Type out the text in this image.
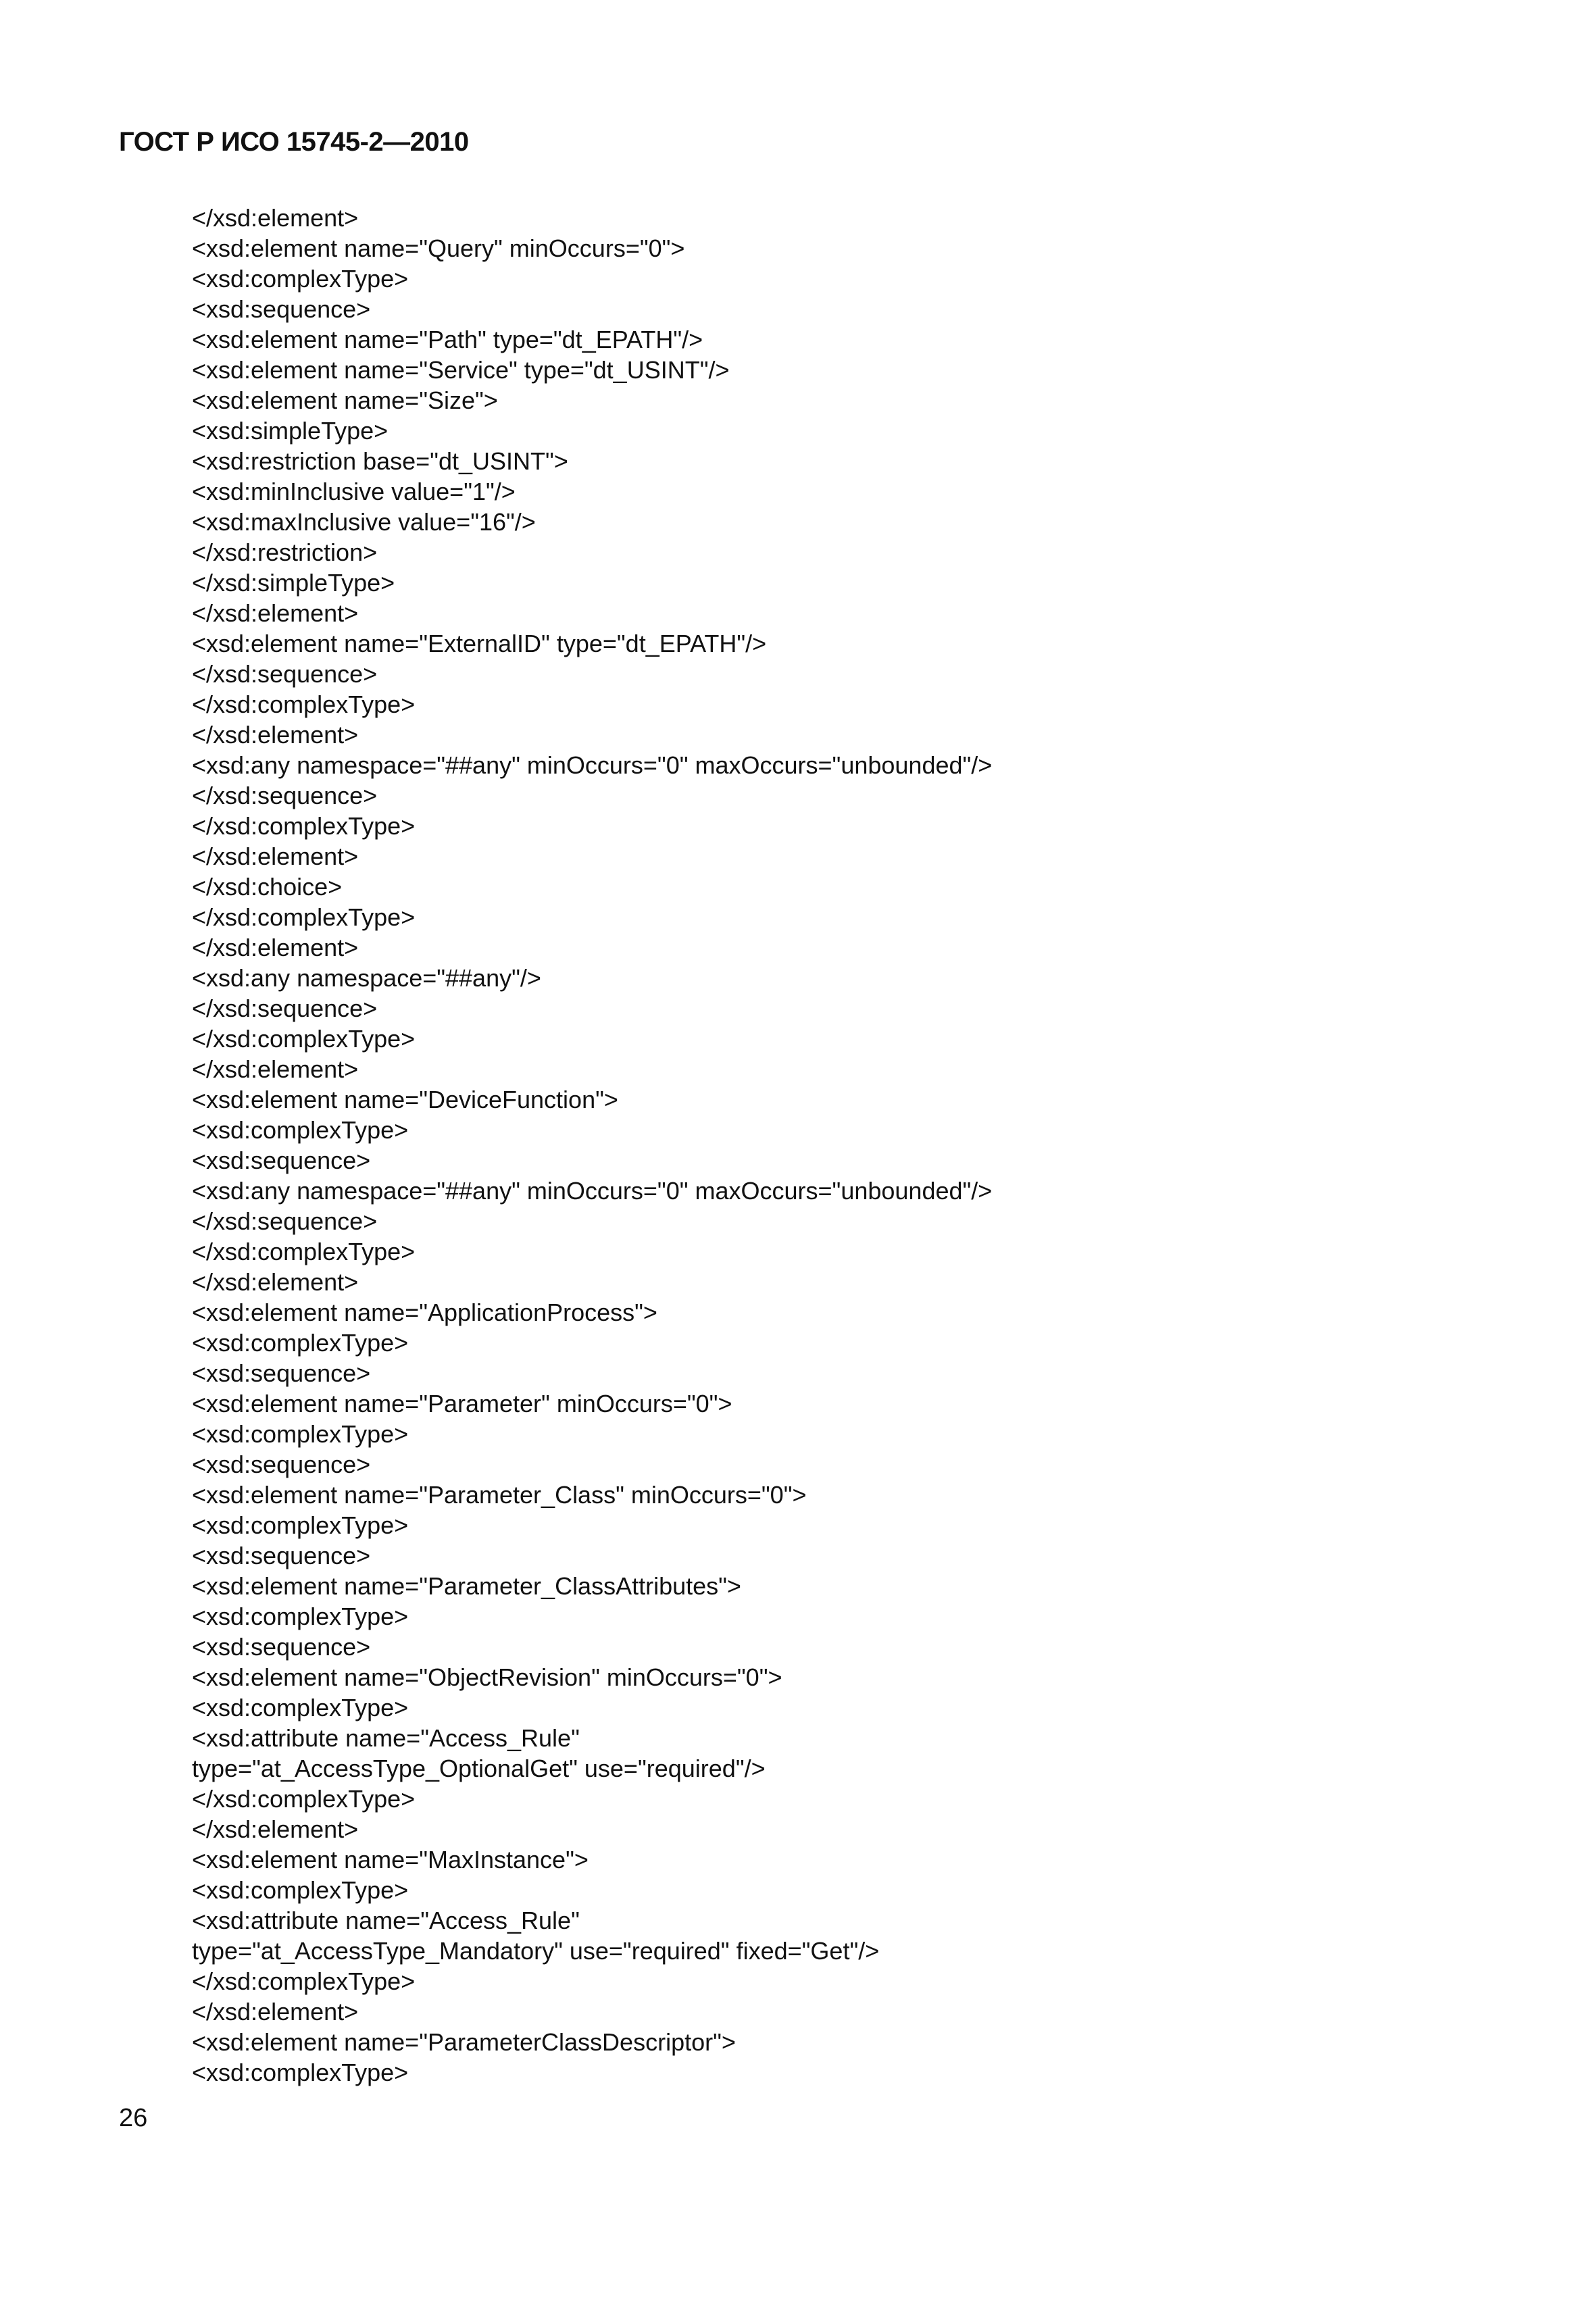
ГОСТ Р ИСО 15745-2—2010
</xsd:element>
<xsd:element name="Query" minOccurs="0">
<xsd:complexType>
<xsd:sequence>
<xsd:element name="Path" type="dt_EPATH"/>
<xsd:element name="Service" type="dt_USINT"/>
<xsd:element name="Size">
<xsd:simpleType>
<xsd:restriction base="dt_USINT">
<xsd:minInclusive value="1"/>
<xsd:maxInclusive value="16"/>
</xsd:restriction>
</xsd:simpleType>
</xsd:element>
<xsd:element name="ExternalID" type="dt_EPATH"/>
</xsd:sequence>
</xsd:complexType>
</xsd:element>
<xsd:any namespace="##any" minOccurs="0" maxOccurs="unbounded"/>
</xsd:sequence>
</xsd:complexType>
</xsd:element>
</xsd:choice>
</xsd:complexType>
</xsd:element>
<xsd:any namespace="##any"/>
</xsd:sequence>
</xsd:complexType>
</xsd:element>
<xsd:element name="DeviceFunction">
<xsd:complexType>
<xsd:sequence>
<xsd:any namespace="##any" minOccurs="0" maxOccurs="unbounded"/>
</xsd:sequence>
</xsd:complexType>
</xsd:element>
<xsd:element name="ApplicationProcess">
<xsd:complexType>
<xsd:sequence>
<xsd:element name="Parameter" minOccurs="0">
<xsd:complexType>
<xsd:sequence>
<xsd:element name="Parameter_Class" minOccurs="0">
<xsd:complexType>
<xsd:sequence>
<xsd:element name="Parameter_ClassAttributes">
<xsd:complexType>
<xsd:sequence>
<xsd:element name="ObjectRevision" minOccurs="0">
<xsd:complexType>
<xsd:attribute name="Access_Rule"
type="at_AccessType_OptionalGet" use="required"/>
</xsd:complexType>
</xsd:element>
<xsd:element name="MaxInstance">
<xsd:complexType>
<xsd:attribute name="Access_Rule"
type="at_AccessType_Mandatory" use="required" fixed="Get"/>
</xsd:complexType>
</xsd:element>
<xsd:element name="ParameterClassDescriptor">
<xsd:complexType>
26
